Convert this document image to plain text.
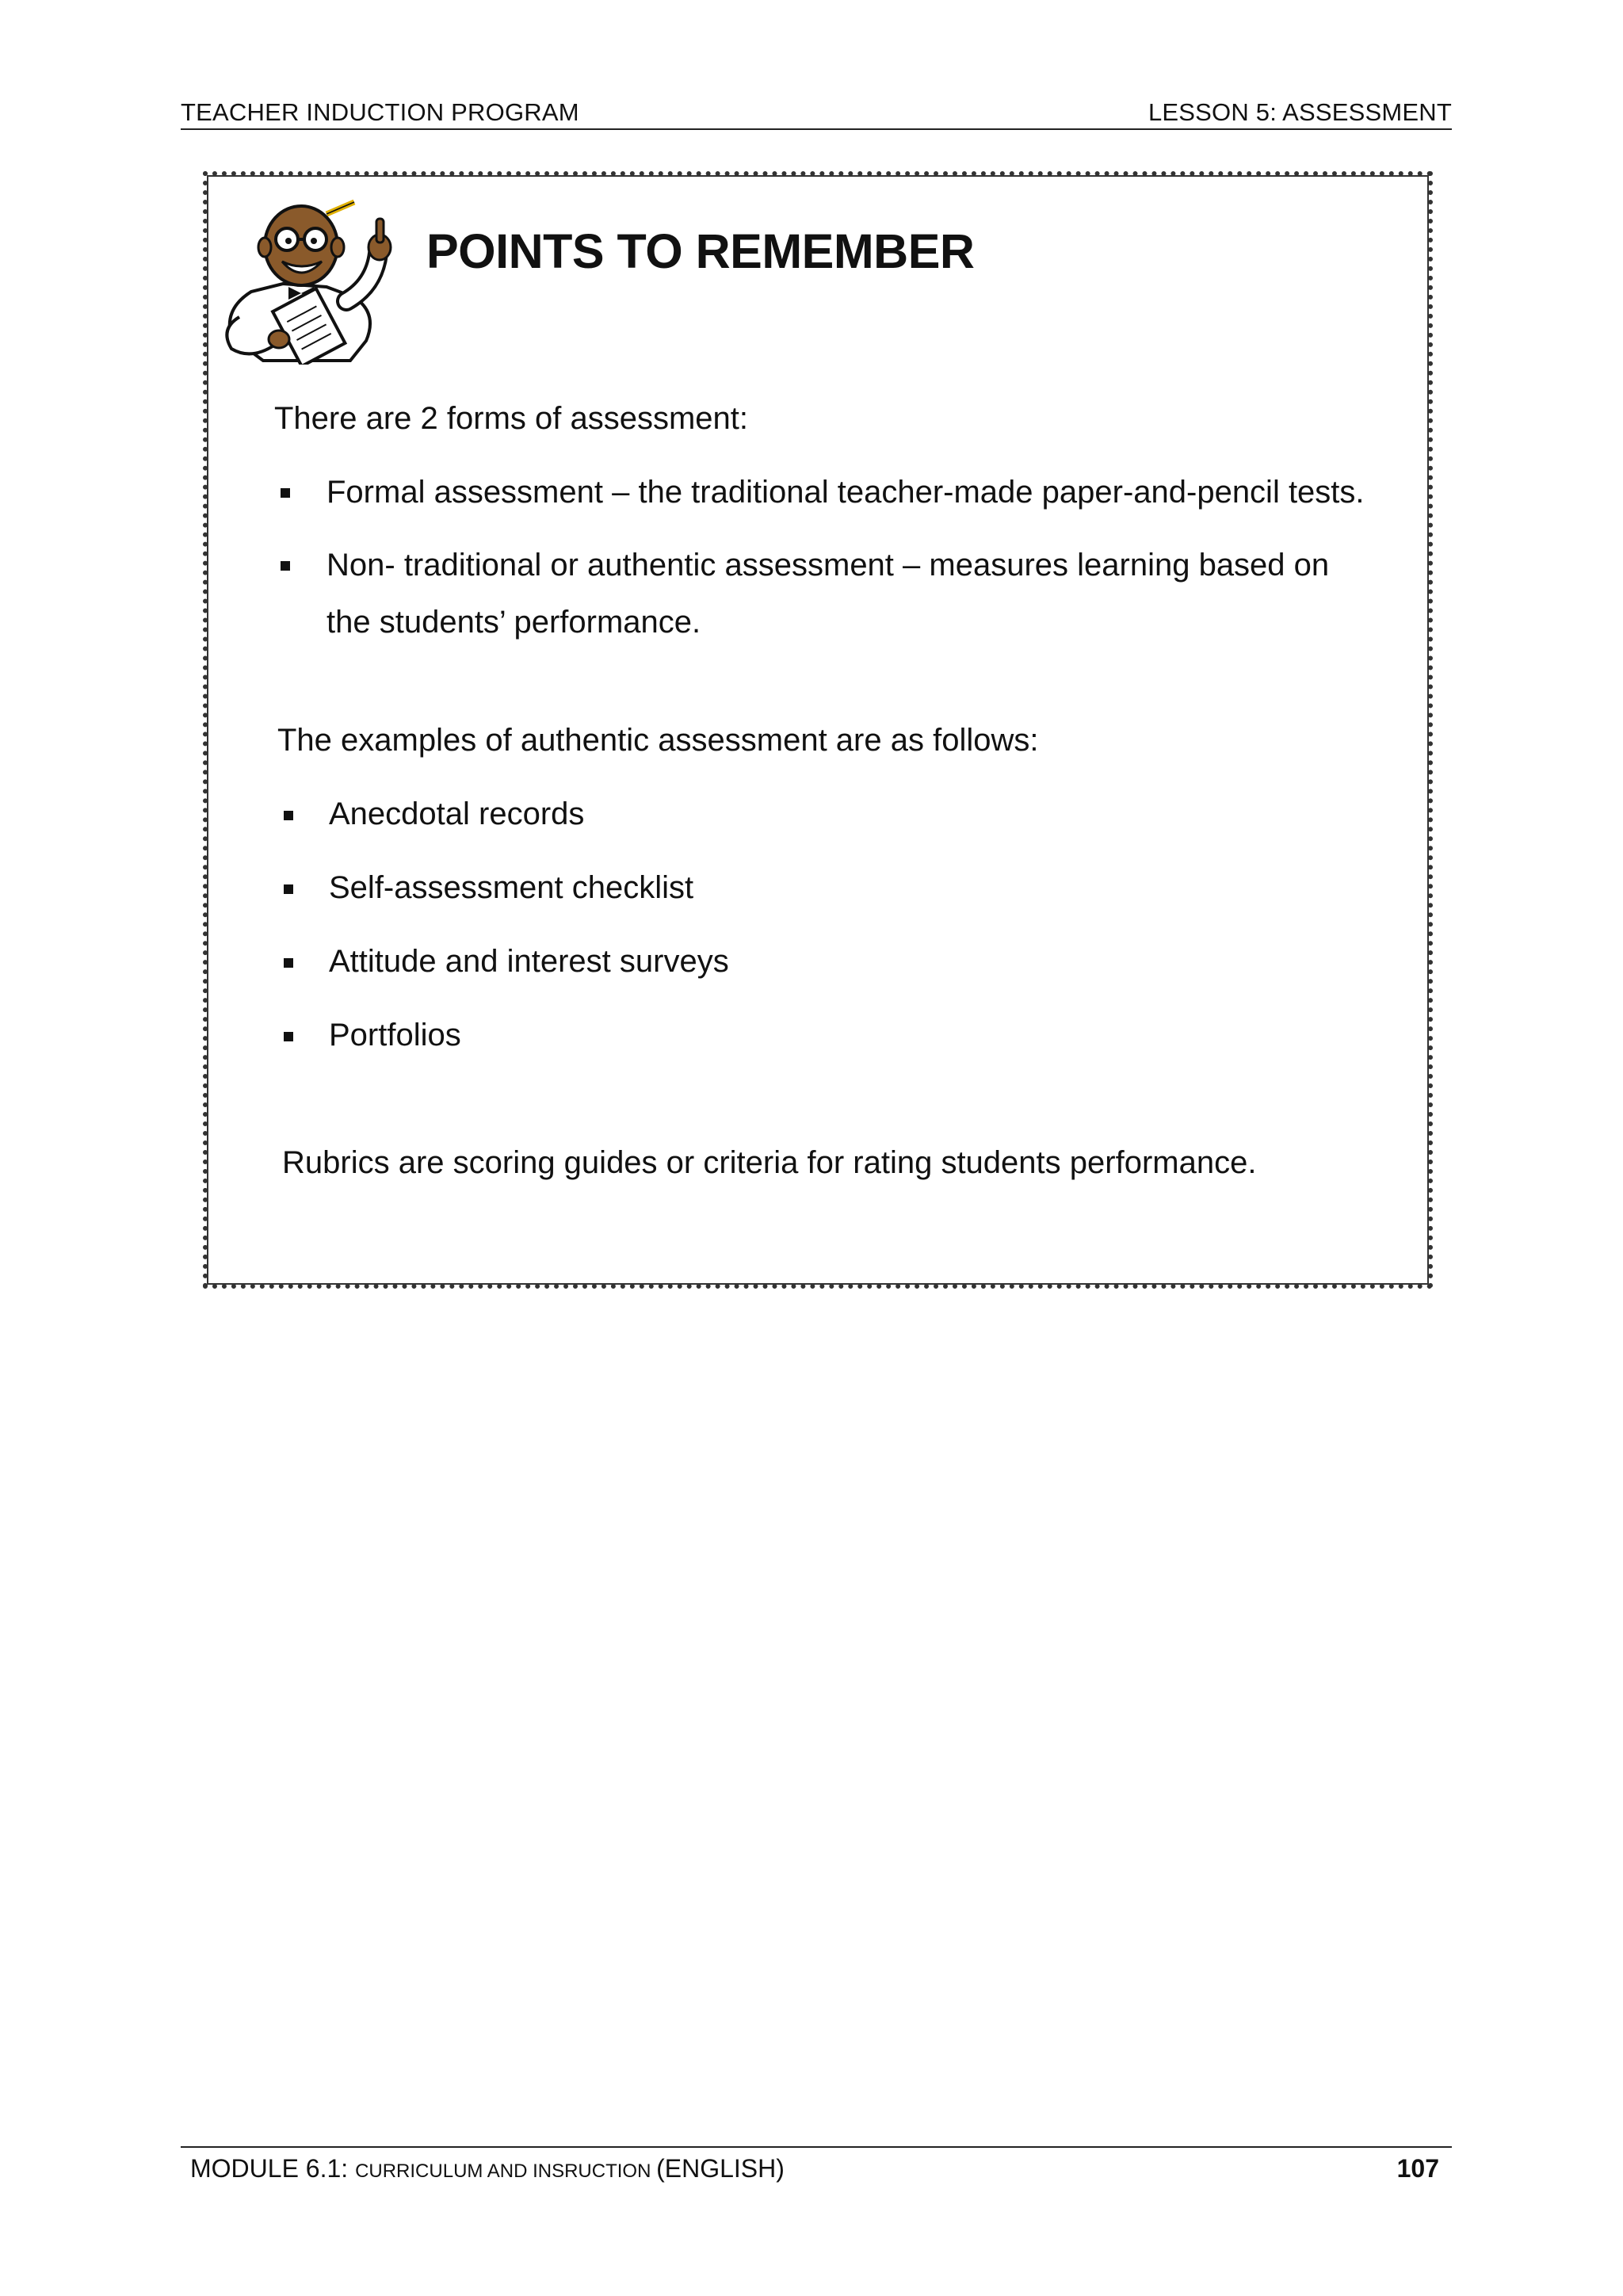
TEACHER INDUCTION PROGRAM	LESSON 5: ASSESSMENT
POINTS TO REMEMBER
There are 2 forms of assessment:
Formal assessment – the traditional teacher-made paper-and-pencil tests.
Non- traditional or authentic assessment – measures learning based on
the students’ performance.
The examples of authentic assessment are as follows:
Anecdotal records
Self-assessment checklist
Attitude and interest surveys
Portfolios
Rubrics are scoring guides or criteria for rating students performance.
MODULE 6.1: CURRICULUM AND INSRUCTION (ENGLISH)	107
